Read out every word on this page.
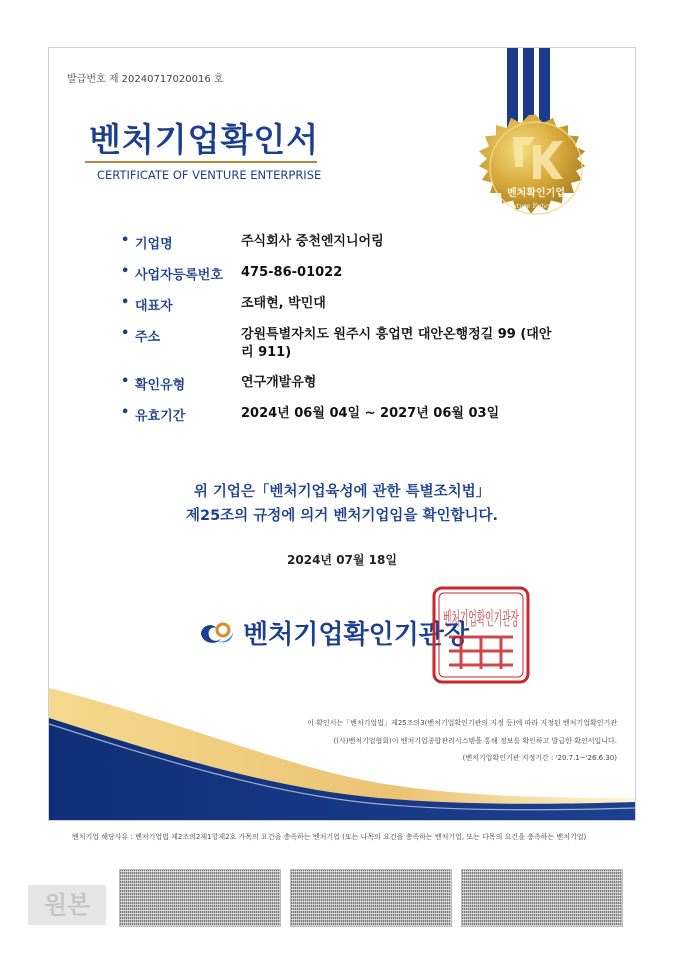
발급번호 제 20240717020016 호
벤처기업확인서
CERTIFICATE OF VENTURE ENTERPRISE
벤처확인기업
Venture Enterprise
• 기업명	주식회사 중천엔지니어링
• 사업자등록번호	475-86-01022
• 대표자	조태현, 박민대
• 주소	강원특별자치도 원주시 흥업면 대안온행정길 99 (대안리 911)
• 확인유형	연구개발유형
• 유효기간	2024년 06월 04일 ~ 2027년 06월 03일
위 기업은「벤처기업육성에 관한 특별조치법」
제25조의 규정에 의거 벤처기업임을 확인합니다.
2024년 07월 18일
벤처기업확인기관장
벤처기업확인기관장
이 확인서는「벤처기업법」제25조의3(벤처기업확인기관의 지정 등)에 따라 지정된 벤처기업확인기관
((사)벤처기업협회)이 벤처기업종합관리시스템을 통해 정보를 확인하고 발급한 확인서입니다.
(벤처기업확인기관 지정기간 : '20.7.1~'26.6.30)
벤처기업 해당사유 : 벤처기업법 제2조의2제1항제2호 가목의 요건을 충족하는 벤처기업 (또는 나목의 요건을 충족하는 벤처기업, 또는 다목의 요건을 충족하는 벤처기업)
원본
